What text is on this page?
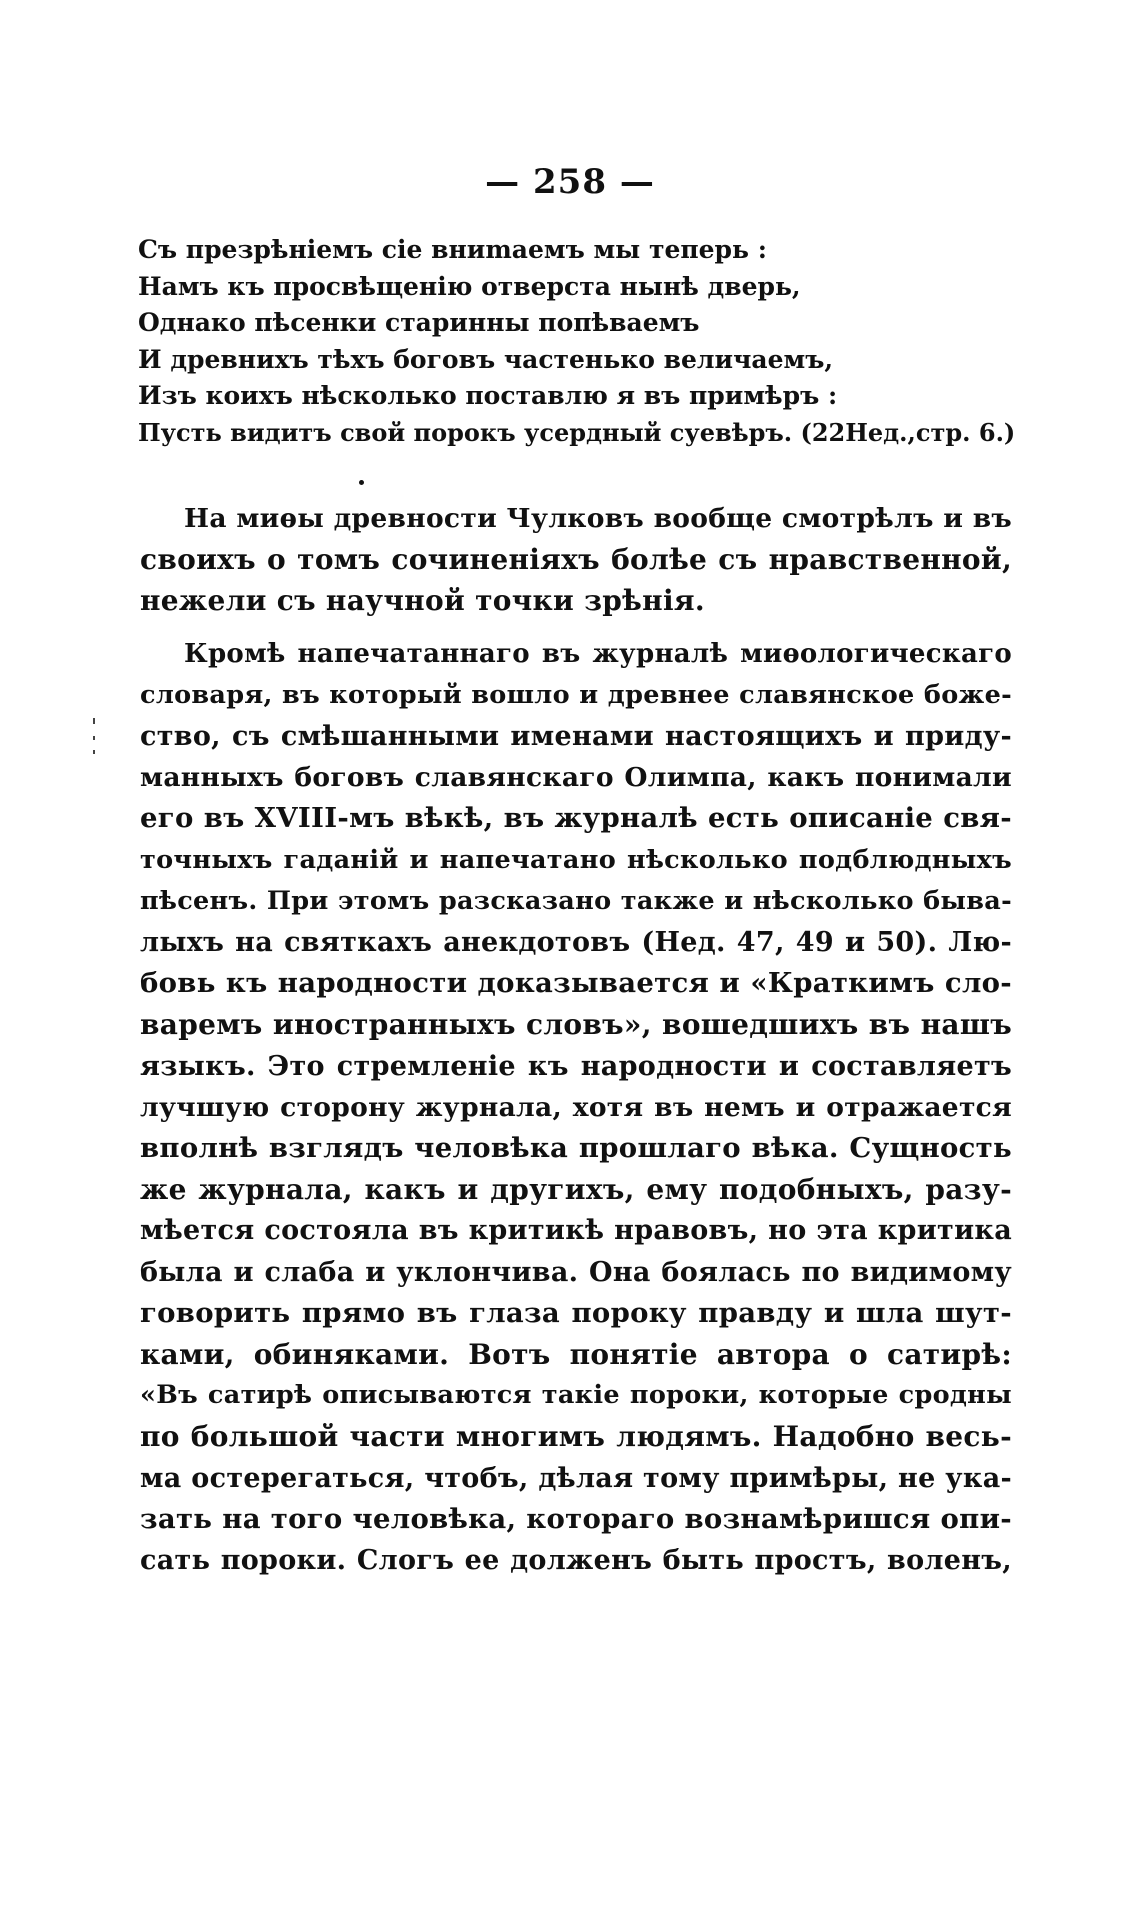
— 258 —
Съ презрѣніемъ сіе вниmаемъ мы теперь :
Намъ къ просвѣщенію отверста нынѣ дверь,
Однако пѣсенки старинны попѣваемъ
И древнихъ тѣхъ боговъ частенько величаемъ,
Изъ коихъ нѣсколько поставлю я въ примѣръ :
Пусть видитъ свой порокъ усердный суевѣръ. (22Нед.,стр. 6.)
На миѳы древности Чулковъ вообще смотрѣлъ и въ
своихъ о томъ сочиненіяхъ болѣе съ нравственной,
нежели съ научной точки зрѣнія.
Кромѣ напечатаннаго въ журналѣ миѳологическаго
словаря, въ который вошло и древнее славянское боже-
ство, съ смѣшанными именами настоящихъ и приду-
манныхъ боговъ славянскаго Олимпа, какъ понимали
его въ XVIII-мъ вѣкѣ, въ журналѣ есть описаніе свя-
точныхъ гаданій и напечатано нѣсколько подблюдныхъ
пѣсенъ. При этомъ разсказано также и нѣсколько быва-
лыхъ на святкахъ анекдотовъ (Нед. 47, 49 и 50). Лю-
бовь къ народности доказывается и «Краткимъ сло-
варемъ иностранныхъ словъ», вошедшихъ въ нашъ
языкъ. Это стремленіе къ народности и составляетъ
лучшую сторону журнала, хотя въ немъ и отражается
вполнѣ взглядъ человѣка прошлаго вѣка. Сущность
же журнала, какъ и другихъ, ему подобныхъ, разу-
мѣется состояла въ критикѣ нравовъ, но эта критика
была и слаба и уклончива. Она боялась по видимому
говорить прямо въ глаза пороку правду и шла шут-
ками, обиняками. Вотъ понятіе автора о сатирѣ:
«Въ сатирѣ описываются такіе пороки, которые сродны
по большой части многимъ людямъ. Надобно весь-
ма остерегаться, чтобъ, дѣлая тому примѣры, не ука-
зать на того человѣка, котораго вознамѣришся опи-
сать пороки. Слогъ ее долженъ быть простъ, воленъ,
